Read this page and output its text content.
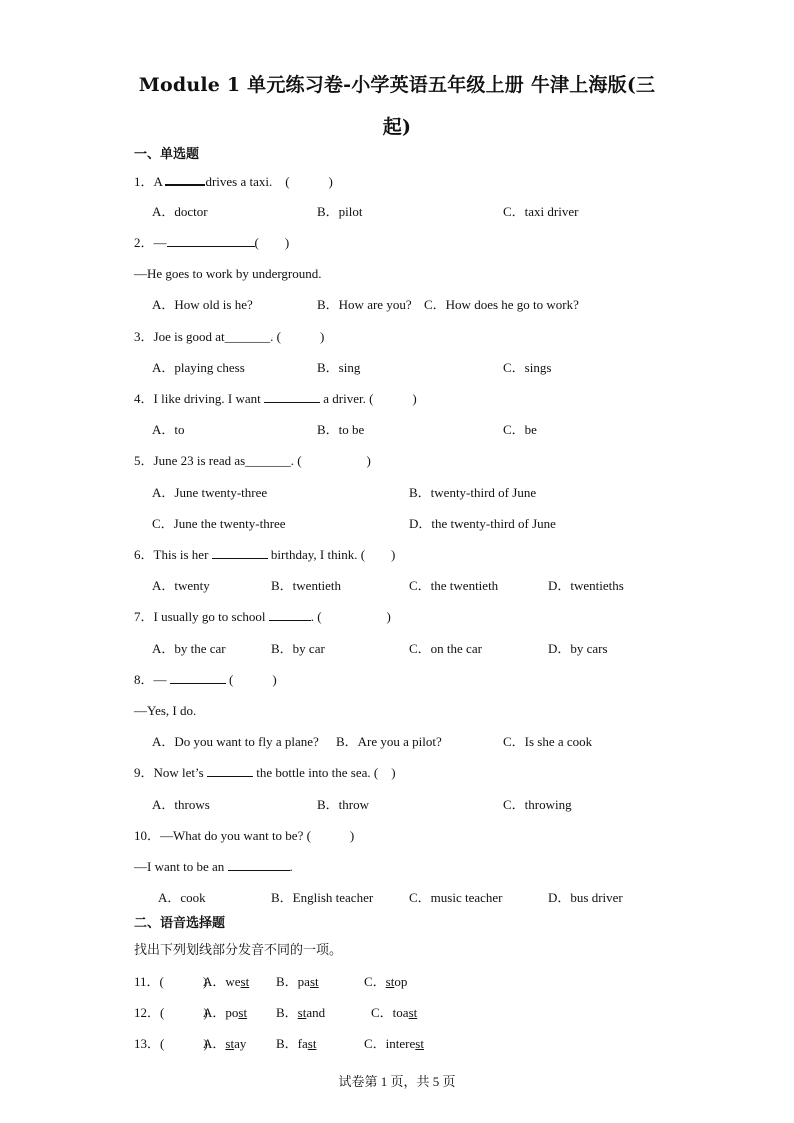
Module 1 单元练习卷-小学英语五年级上册 牛津上海版(三
起)
一、单选题
1．A	drives a taxi.　(　　　)
A．doctor	B．pilot	C．taxi driver
2．—	(　　)
—He goes to work by underground.
A．How old is he?	B．How are you? C．How does he go to work?
3．Joe is good at_______. (　　　)
A．playing chess	B．sing	C．sings
4．I like driving. I want	a driver. (　　　)
A．to	B．to be	C．be
5．June 23 is read as_______. (　　　　　)
A．June twenty-three	B．twenty-third of June
C．June the twenty-three	D．the twenty-third of June
6．This is her	birthday, I think. (　　)
A．twenty	B．twentieth	C．the twentieth	D．twentieths
7．I usually go to school	. (　　　　　)
A．by the car	B．by car	C．on the car	D．by cars
8．—	(　　　)
—Yes, I do.
A．Do you want to fly a plane? B．Are you a pilot?	C．Is she a cook
9．Now let’s	the bottle into the sea. (　)
A．throws	B．throw	C．throwing
10．—What do you want to be? (　　　)
—I want to be an	.
A．cook	B．English teacher	C．music teacher	D．bus driver
二、语音选择题
找出下列划线部分发音不同的一项。
11．(　　　)
A．west B．past	C．stop
12．(　　　)
A．post B．stand	C．toast
13．(　　　)
A．stay B．fast	C．interest
试卷第 1 页，共 5 页
